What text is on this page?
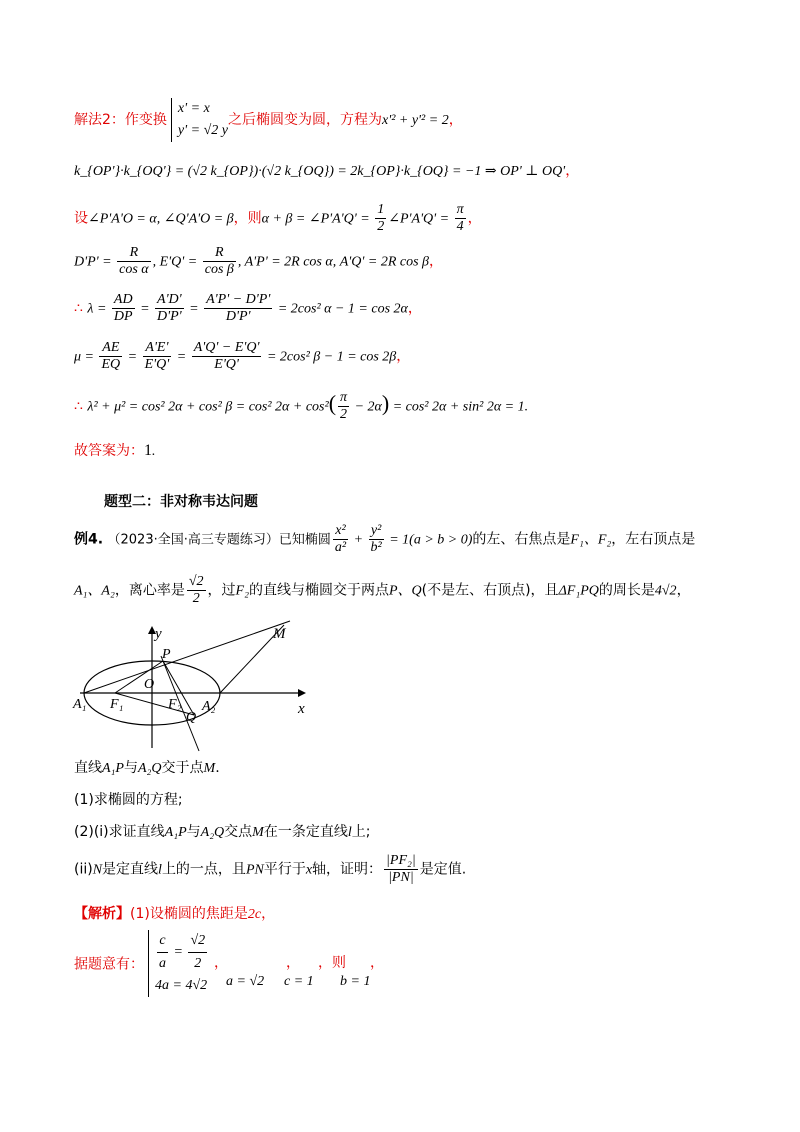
解法2：作变换
x' = x
y' = √2 y
之后椭圆变为圆，方程为x'² + y'² = 2，
k_{OP'}·k_{OQ'} = (√2 k_{OP})·(√2 k_{OQ}) = 2k_{OP}·k_{OQ} = −1 ⇒ OP' ⊥ OQ'，
设∠P'A'O = α, ∠Q'A'O = β，则α + β = ∠P'A'Q' = $\frac{1}{2}$ ∠P'A'Q' = $\frac{\pi}{4}$ ，
$D'P' = \frac{R}{\text{cos α}}$ , $E'Q' = \frac{R}{\text{cos β}}$ , A'P' = 2R cos α, A'Q' = 2R cos β，
∴ $\lambda = \frac{AD}{DP} = \frac{A'D'}{D'P'} = \frac{A'P' - D'P'}{D'P'} = 2\cos^2$ α − 1 = cos 2α，
$\mu = \frac{AE}{EQ} = \frac{A'E'}{E'Q'} = \frac{A'Q' - E'Q'}{E'Q'} = 2\cos^2$ β − 1 = cos 2β，
∴ λ² + μ² = cos² 2α + cos² β = cos² $2\alpha + \cos^2( \frac{\pi}{2} - 2\alpha) = \cos^2$ 2α + sin² 2α = 1.
故答案为：1.
题型二：非对称韦达问题
例4. （2023·全国·高三专题练习）已知椭圆 $\frac{\text{x²}}{\text{a²}} + \frac{\text{y²}}{\text{b²}} = 1(a > b > 0)$的左、右焦点是F₁、F₂，左右顶点是
A₁、A₂，离心率是 $\frac{√2}{2}$ ，过F₂的直线与椭圆交于两点P、Q(不是左、右顶点)，且ΔF₁PQ的周长是4√2，
y
x
M
P
O
F₁	F₂
A₁	A₂
Q
直线A₁P与A₂Q交于点M.
(1)求椭圆的方程;
(2)(i)求证直线A₁P与A₂Q交点M在一条定直线l上;
(ii)N是定直线l上的一点，且PN平行于x轴，证明： $\frac{\text{|PF₂|}}{|PN|}$ 是定值.
【解析】(1)设椭圆的焦距是2c，
据题意有： $\frac{c}{a} = \frac{√2}{2}$
4a = 4√2
，	， ，则 ，
a = √2 c = 1 b = 1
